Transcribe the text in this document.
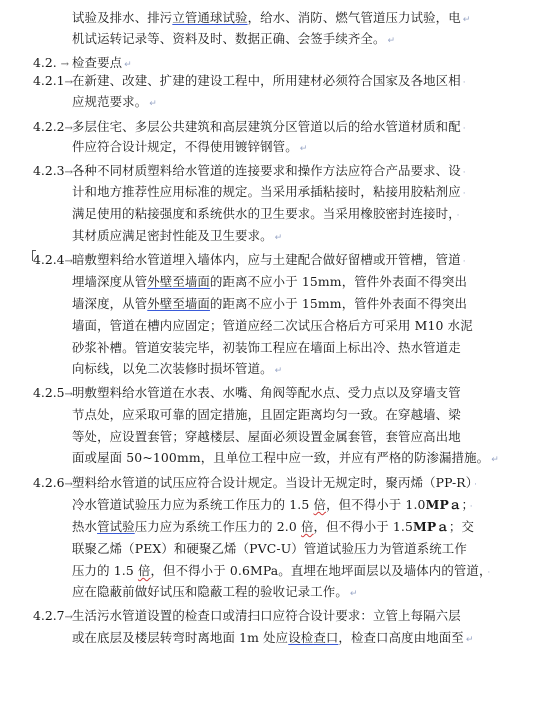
试验及排水、排污立管通球试验，给水、消防、燃气管道压力试验，电 ↵
机试运转记录等、资料及时、数据正确、会签手续齐全。 ↵
4.2. → 检查要点 ↵
4.2.1→ 在新建、改建、扩建的建设工程中，所用建材必须符合国家及各地区相 ·
应规范要求。 ↵
4.2.2→ 多层住宅、多层公共建筑和高层建筑分区管道以后的给水管道材质和配 ·
件应符合设计规定，不得使用镀锌钢管。 ↵
4.2.3→ 各种不同材质塑料给水管道的连接要求和操作方法应符合产品要求、设 ·
计和地方推荐性应用标准的规定。当采用承插粘接时，粘接用胶粘剂应 ·
满足使用的粘接强度和系统供水的卫生要求。当采用橡胶密封连接时， ·
其材质应满足密封性能及卫生要求。 ↵
4.2.4→ 暗敷塑料给水管道埋入墙体内，应与土建配合做好留槽或开管槽，管道 ·
埋墙深度从管外壁至墙面的距离不应小于 15mm，管件外表面不得突出
墙深度，从管外壁至墙面的距离不应小于 15mm，管件外表面不得突出
墙面，管道在槽内应固定；管道应经二次试压合格后方可采用 M10 水泥
砂浆补槽。管道安装完毕，初装饰工程应在墙面上标出冷、热水管道走
向标线，以免二次装修时损坏管道。 ↵
4.2.5→ 明敷塑料给水管道在水表、水嘴、角阀等配水点、受力点以及穿墙支管
节点处，应采取可靠的固定措施，且固定距离均匀一致。在穿越墙、梁
等处，应设置套管；穿越楼层、屋面必须设置金属套管，套管应高出地
面或屋面 50~100mm，且单位工程中应一致，并应有严格的防渗漏措施。 ↵
4.2.6→ 塑料给水管道的试压应符合设计规定。当设计无规定时，聚丙烯（PP-R） ·
冷水管道试验压力应为系统工作压力的 1.5 倍，但不得小于 1.0MPａ； ·
热水管试验压力应为系统工作压力的 2.0 倍，但不得小于 1.5MPａ；交
联聚乙烯（PEX）和硬聚乙烯（PVC-U）管道试验压力为管道系统工作
压力的 1.5 倍，但不得小于 0.6MPa。直埋在地坪面层以及墙体内的管道， ·
应在隐蔽前做好试压和隐蔽工程的验收记录工作。 ↵
4.2.7→ 生活污水管道设置的检查口或清扫口应符合设计要求：立管上每隔六层
或在底层及楼层转弯时离地面 1m 处应设检查口，检查口高度由地面至 ↵
